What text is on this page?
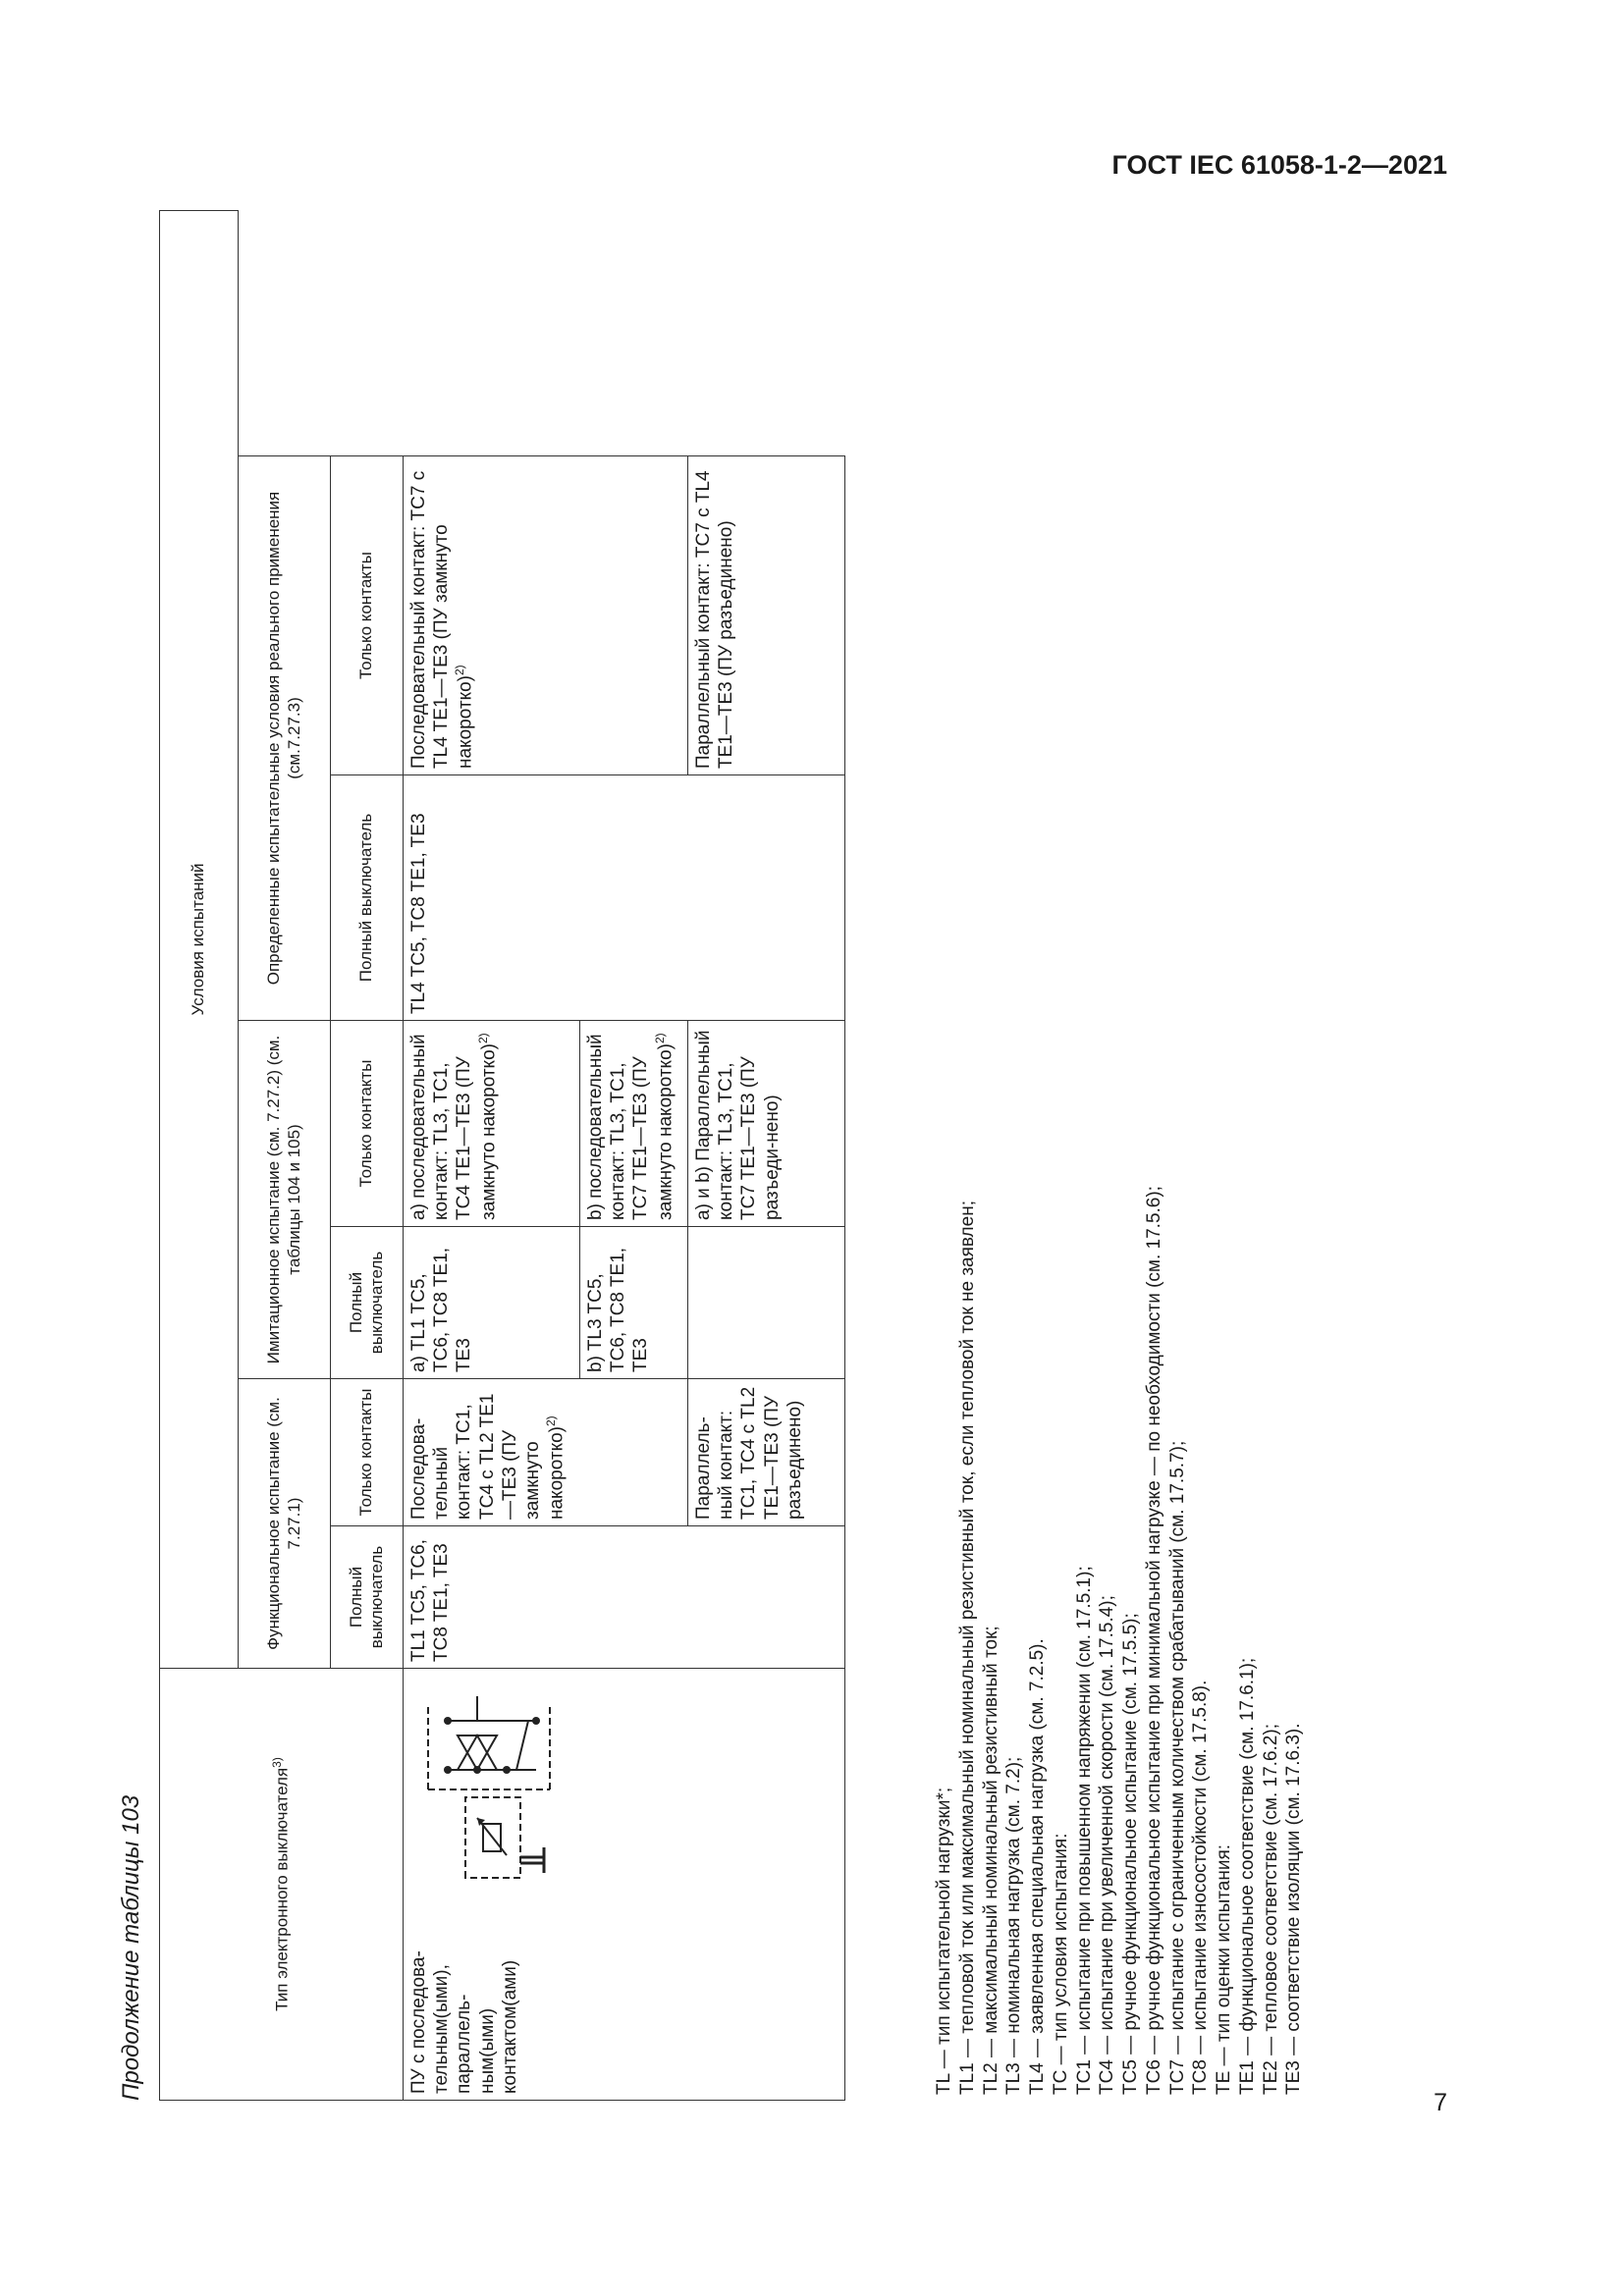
ГОСТ IEC 61058-1-2—2021
Продолжение таблицы 103	Тип электронного выключателя$^{3)}$	Условия испытаний					
	Функциональное испытание (см. 7.27.1)		Имитационное испытание (см. 7.27.2) (см. таблицы 104 и 105)		Определенные испытательные условия реального применения (см.7.27.3)
	Полный выключатель	Только контакты	Полный выключатель	Только контакты	Полный выключатель	Только контакты

ПУ с последова-тельным(ыми), параллель-ным(ыми) контактом(ами)	TL1 TC5, TC6, TC8 TE1, TE3	Последова-тельный контакт: ТС1, ТС4 с TL2 TE1—TE3 (ПУ замкнуто накоротко)$^{2)}$	a) TL1 TC5, TC6, TC8 TE1, TE3	a) последовательный контакт: TL3, TC1, TC4 TE1—TE3 (ПУ замкнуто накоротко)$^{2)}$	TL4 TC5, TC8 TE1, TE3	Последовательный контакт: TC7 с TL4 TE1—TE3 (ПУ замкнуто накоротко)$^{2)}$
			b) TL3 TC5, TC6, TC8 TE1, TE3	b) последовательный контакт: TL3, TC1, TC7 TE1—TE3 (ПУ замкнуто накоротко)$^{2)}$
		Параллель-ный контакт: ТС1, ТС4 с TL2 TE1—TE3 (ПУ разъединено)		a) и b) Параллельный контакт: TL3, TC1, TC7 TE1—TE3 (ПУ разъеди-нено)		Параллельный контакт: TC7 с TL4 TE1—TE3 (ПУ разъединено)
TL — тип испытательной нагрузки*; TL1 — тепловой ток или максимальный номинальный резистивный ток, если тепловой ток не заявлен; TL2 — максимальный номинальный резистивный ток; TL3 — номинальная нагрузка (см. 7.2); TL4 — заявленная специальная нагрузка (см. 7.2.5). TC — тип условия испытания: TC1 — испытание при повышенном напряжении (см. 17.5.1); TC4 — испытание при увеличенной скорости (см. 17.5.4); TC5 — ручное функциональное испытание (см. 17.5.5); TC6 — ручное функциональное испытание при минимальной нагрузке — по необходимости (см. 17.5.6); TC7 — испытание с ограниченным количеством срабатываний (см. 17.5.7); TC8 — испытание износостойкости (см. 17.5.8). TE — тип оценки испытания: TE1 — функциональное соответствие (см. 17.6.1); TE2 — тепловое соответствие (см. 17.6.2); TE3 — соответствие изоляции (см. 17.6.3).
7
